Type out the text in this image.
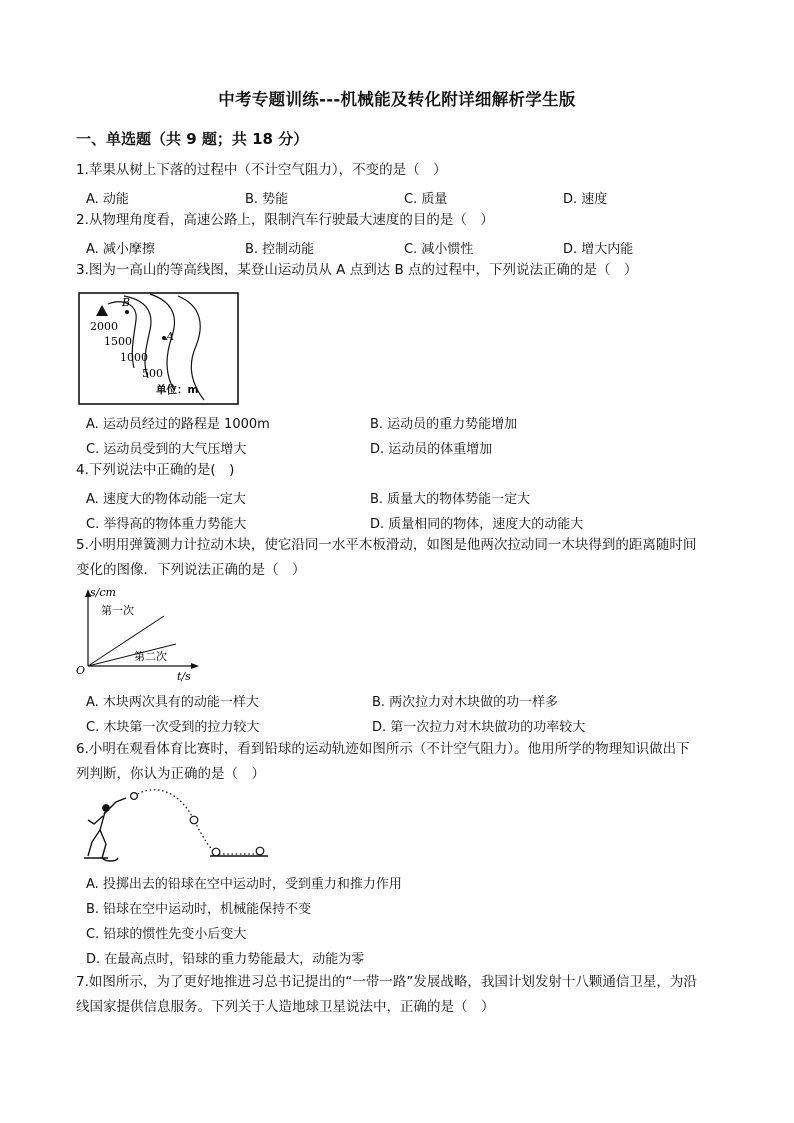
中考专题训练---机械能及转化附详细解析学生版
一、单选题（共 9 题；共 18 分）
1.苹果从树上下落的过程中（不计空气阻力），不变的是（　）
A. 动能	B. 势能	C. 质量	D. 速度
2.从物理角度看，高速公路上，限制汽车行驶最大速度的目的是（　）
A. 减小摩擦	B. 控制动能	C. 减小惯性	D. 增大内能
3.图为一高山的等高线图，某登山运动员从 A 点到达 B 点的过程中，下列说法正确的是（　）
B
A
2000
1500
1000
500
单位：m
A. 运动员经过的路程是 1000m	B. 运动员的重力势能增加
C. 运动员受到的大气压增大	D. 运动员的体重增加
4.下列说法中正确的是(　)
A. 速度大的物体动能一定大	B. 质量大的物体势能一定大
C. 举得高的物体重力势能大	D. 质量相同的物体，速度大的动能大
5.小明用弹簧测力计拉动木块，使它沿同一水平木板滑动，如图是他两次拉动同一木块得到的距离随时间
变化的图像．下列说法正确的是（　）
s/cm
t/s
O
第一次
第二次
A. 木块两次具有的动能一样大	B. 两次拉力对木块做的功一样多
C. 木块第一次受到的拉力较大	D. 第一次拉力对木块做功的功率较大
6.小明在观看体育比赛时，看到铅球的运动轨迹如图所示（不计空气阻力）。他用所学的物理知识做出下
列判断，你认为正确的是（　）
A. 投掷出去的铅球在空中运动时，受到重力和推力作用
B. 铅球在空中运动时，机械能保持不变
C. 铅球的惯性先变小后变大
D. 在最高点时，铅球的重力势能最大，动能为零
7.如图所示，为了更好地推进习总书记提出的“一带一路”发展战略，我国计划发射十八颗通信卫星，为沿
线国家提供信息服务。下列关于人造地球卫星说法中，正确的是（　）
